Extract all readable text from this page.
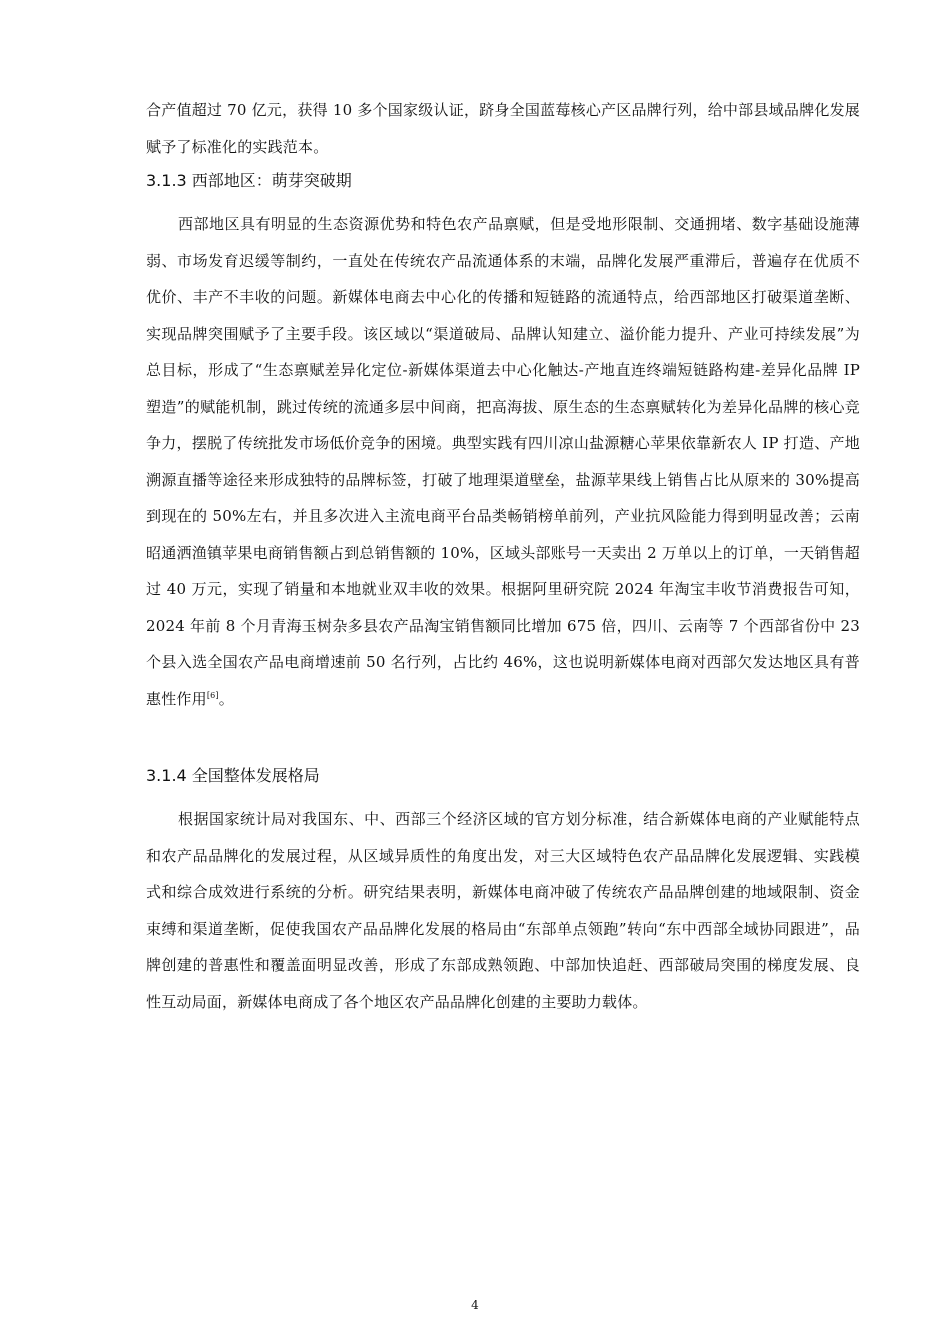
合产值超过 70 亿元，获得 10 多个国家级认证，跻身全国蓝莓核心产区品牌行列，给中部县域品牌化发展赋予了标准化的实践范本。
3.1.3 西部地区：萌芽突破期
西部地区具有明显的生态资源优势和特色农产品禀赋，但是受地形限制、交通拥堵、数字基础设施薄弱、市场发育迟缓等制约，一直处在传统农产品流通体系的末端，品牌化发展严重滞后，普遍存在优质不优价、丰产不丰收的问题。新媒体电商去中心化的传播和短链路的流通特点，给西部地区打破渠道垄断、实现品牌突围赋予了主要手段。该区域以“渠道破局、品牌认知建立、溢价能力提升、产业可持续发展”为总目标，形成了“生态禀赋差异化定位-新媒体渠道去中心化触达-产地直连终端短链路构建-差异化品牌 IP 塑造”的赋能机制，跳过传统的流通多层中间商，把高海拔、原生态的生态禀赋转化为差异化品牌的核心竞争力，摆脱了传统批发市场低价竞争的困境。典型实践有四川凉山盐源糖心苹果依靠新农人 IP 打造、产地溯源直播等途径来形成独特的品牌标签，打破了地理渠道壁垒，盐源苹果线上销售占比从原来的 30%提高到现在的 50%左右，并且多次进入主流电商平台品类畅销榜单前列，产业抗风险能力得到明显改善；云南昭通洒渔镇苹果电商销售额占到总销售额的 10%，区域头部账号一天卖出 2 万单以上的订单，一天销售超过 40 万元，实现了销量和本地就业双丰收的效果。根据阿里研究院 2024 年淘宝丰收节消费报告可知，2024 年前 8 个月青海玉树杂多县农产品淘宝销售额同比增加 675 倍，四川、云南等 7 个西部省份中 23 个县入选全国农产品电商增速前 50 名行列，占比约 46%，这也说明新媒体电商对西部欠发达地区具有普惠性作用[6]。
3.1.4 全国整体发展格局
根据国家统计局对我国东、中、西部三个经济区域的官方划分标准，结合新媒体电商的产业赋能特点和农产品品牌化的发展过程，从区域异质性的角度出发，对三大区域特色农产品品牌化发展逻辑、实践模式和综合成效进行系统的分析。研究结果表明，新媒体电商冲破了传统农产品品牌创建的地域限制、资金束缚和渠道垄断，促使我国农产品品牌化发展的格局由“东部单点领跑”转向“东中西部全域协同跟进”，品牌创建的普惠性和覆盖面明显改善，形成了东部成熟领跑、中部加快追赶、西部破局突围的梯度发展、良性互动局面，新媒体电商成了各个地区农产品品牌化创建的主要助力载体。
4
